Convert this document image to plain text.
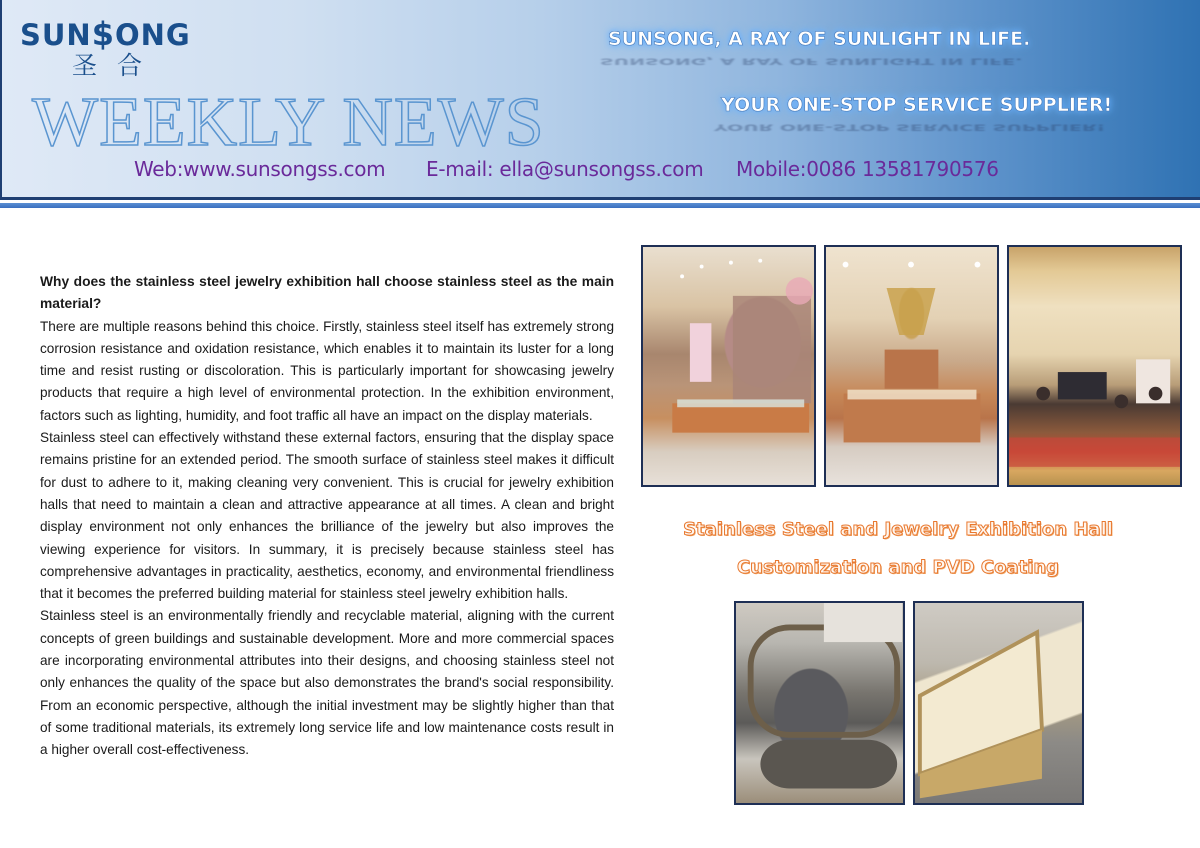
SUN$ONG
圣合
WEEKLY NEWS
SUNSONG, A RAY OF SUNLIGHT IN LIFE.
SUNSONG, A RAY OF SUNLIGHT IN LIFE.
YOUR ONE-STOP SERVICE SUPPLIER!
YOUR ONE-STOP SERVICE SUPPLIER!
Web:www.sunsongss.com E-mail: ella@sunsongss.com Mobile:0086 13581790576
Why does the stainless steel jewelry exhibition hall choose stainless steel as the main material?

There are multiple reasons behind this choice. Firstly, stainless steel itself has extremely strong corrosion resistance and oxidation resistance, which enables it to maintain its luster for a long time and resist rusting or discoloration. This is particularly important for showcasing jewelry products that require a high level of environmental protection. In the exhibition environment, factors such as lighting, humidity, and foot traffic all have an impact on the display materials.

Stainless steel can effectively withstand these external factors, ensuring that the display space remains pristine for an extended period. The smooth surface of stainless steel makes it difficult for dust to adhere to it, making cleaning very convenient. This is crucial for jewelry exhibition halls that need to maintain a clean and attractive appearance at all times. A clean and bright display environment not only enhances the brilliance of the jewelry but also improves the viewing experience for visitors. In summary, it is precisely because stainless steel has comprehensive advantages in practicality, aesthetics, economy, and environmental friendliness that it becomes the preferred building material for stainless steel jewelry exhibition halls.

Stainless steel is an environmentally friendly and recyclable material, aligning with the current concepts of green buildings and sustainable development. More and more commercial spaces are incorporating environmental attributes into their designs, and choosing stainless steel not only enhances the quality of the space but also demonstrates the brand's social responsibility. From an economic perspective, although the initial investment may be slightly higher than that of some traditional materials, its extremely long service life and low maintenance costs result in a higher overall cost-effectiveness.

Stainless Steel and Jewelry Exhibition Hall
Customization and PVD Coating
